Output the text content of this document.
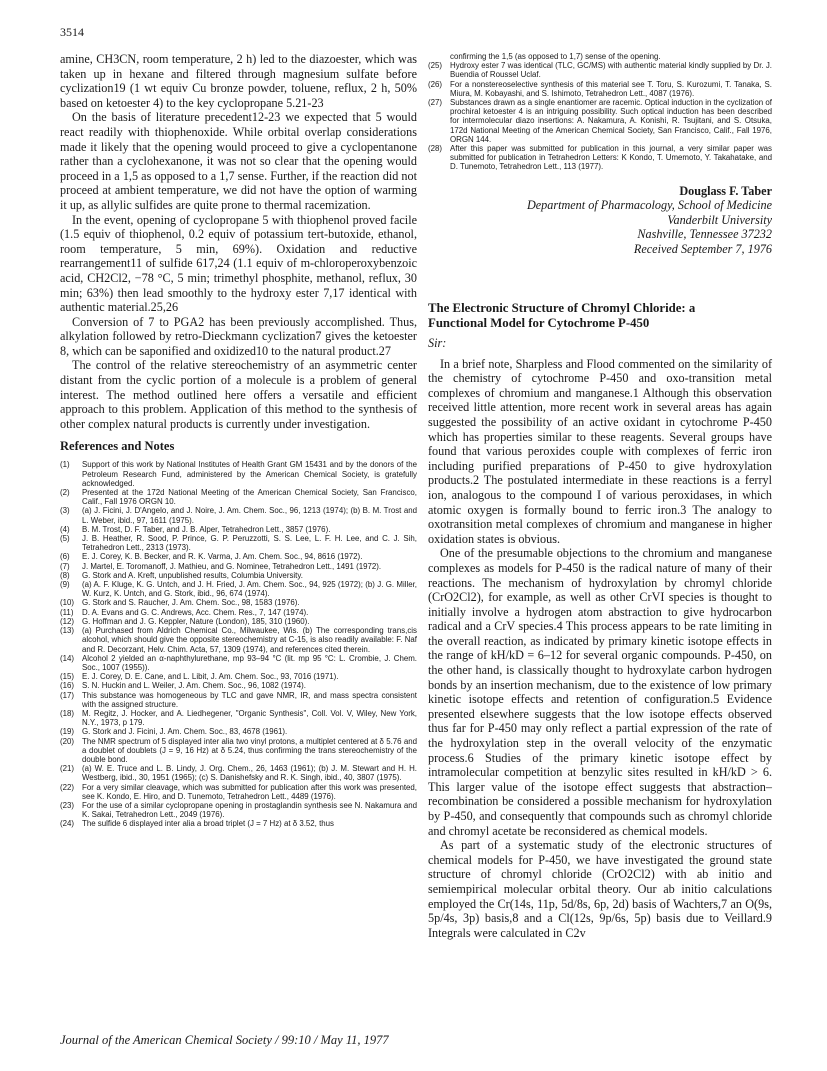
3514

amine, CH3CN, room temperature, 2 h) led to the diazoester, which was taken up in hexane and filtered through magnesium sulfate before cyclization19 (1 wt equiv Cu bronze powder, toluene, reflux, 2 h, 50% based on ketoester 4) to the key cyclopropane 5.21-23

On the basis of literature precedent12-23 we expected that 5 would react readily with thiophenoxide. While orbital overlap considerations made it likely that the opening would proceed to give a cyclopentanone rather than a cyclohexanone, it was not so clear that the opening would proceed in a 1,5 as opposed to a 1,7 sense. Further, if the reaction did not proceed at ambient temperature, we did not have the option of warming it up, as allylic sulfides are quite prone to thermal racemization.

In the event, opening of cyclopropane 5 with thiophenol proved facile (1.5 equiv of thiophenol, 0.2 equiv of potassium tert-butoxide, ethanol, room temperature, 5 min, 69%). Oxidation and reductive rearrangement11 of sulfide 617,24 (1.1 equiv of m-chloroperoxybenzoic acid, CH2Cl2, −78 °C, 5 min; trimethyl phosphite, methanol, reflux, 30 min; 63%) then lead smoothly to the hydroxy ester 7,17 identical with authentic material.25,26

Conversion of 7 to PGA2 has been previously accomplished. Thus, alkylation followed by retro-Dieckmann cyclization7 gives the ketoester 8, which can be saponified and oxidized10 to the natural product.27

The control of the relative stereochemistry of an asymmetric center distant from the cyclic portion of a molecule is a problem of general interest. The method outlined here offers a versatile and efficient approach to this problem. Application of this method to the synthesis of other complex natural products is currently under investigation.

References and Notes
(1) Support of this work by National Institutes of Health Grant GM 15431 and by the donors of the Petroleum Research Fund, administered by the American Chemical Society, is gratefully acknowledged.
(2) Presented at the 172d National Meeting of the American Chemical Society, San Francisco, Calif., Fall 1976 ORGN 10.
(3) (a) J. Ficini, J. D'Angelo, and J. Noire, J. Am. Chem. Soc., 96, 1213 (1974); (b) B. M. Trost and L. Weber, ibid., 97, 1611 (1975).
(4) B. M. Trost, D. F. Taber, and J. B. Alper, Tetrahedron Lett., 3857 (1976).
(5) J. B. Heather, R. Sood, P. Prince, G. P. Peruzzotti, S. S. Lee, L. F. H. Lee, and C. J. Sih, Tetrahedron Lett., 2313 (1973).
(6) E. J. Corey, K. B. Becker, and R. K. Varma, J. Am. Chem. Soc., 94, 8616 (1972).
(7) J. Martel, E. Toromanoff, J. Mathieu, and G. Nominee, Tetrahedron Lett., 1491 (1972).
(8) G. Stork and A. Kreft, unpublished results, Columbia University.
(9) (a) A. F. Kluge, K. G. Untch, and J. H. Fried, J. Am. Chem. Soc., 94, 925 (1972); (b) J. G. Miller, W. Kurz, K. Untch, and G. Stork, ibid., 96, 674 (1974).
(10) G. Stork and S. Raucher, J. Am. Chem. Soc., 98, 1583 (1976).
(11) D. A. Evans and G. C. Andrews, Acc. Chem. Res., 7, 147 (1974).
(12) G. Hoffman and J. G. Keppler, Nature (London), 185, 310 (1960).
(13) (a) Purchased from Aldrich Chemical Co., Milwaukee, Wis. (b) The corresponding trans,cis alcohol, which should give the opposite stereochemistry at C-15, is also readily available: F. Naf and R. Decorzant, Helv. Chim. Acta, 57, 1309 (1974), and references cited therein.
(14) Alcohol 2 yielded an α-naphthylurethane, mp 93–94 °C (lit. mp 95 °C: L. Crombie, J. Chem. Soc., 1007 (1955)).
(15) E. J. Corey, D. E. Cane, and L. Libit, J. Am. Chem. Soc., 93, 7016 (1971).
(16) S. N. Huckin and L. Weiler, J. Am. Chem. Soc., 96, 1082 (1974).
(17) This substance was homogeneous by TLC and gave NMR, IR, and mass spectra consistent with the assigned structure.
(18) M. Regitz, J. Hocker, and A. Liedhegener, "Organic Synthesis", Coll. Vol. V, Wiley, New York, N.Y., 1973, p 179.
(19) G. Stork and J. Ficini, J. Am. Chem. Soc., 83, 4678 (1961).
(20) The NMR spectrum of 5 displayed inter alia two vinyl protons, a multiplet centered at δ 5.76 and a doublet of doublets (J = 9, 16 Hz) at δ 5.24, thus confirming the trans stereochemistry of the double bond.
(21) (a) W. E. Truce and L. B. Lindy, J. Org. Chem., 26, 1463 (1961); (b) J. M. Stewart and H. H. Westberg, ibid., 30, 1951 (1965); (c) S. Danishefsky and R. K. Singh, ibid., 40, 3807 (1975).
(22) For a very similar cleavage, which was submitted for publication after this work was presented, see K. Kondo, E. Hiro, and D. Tunemoto, Tetrahedron Lett., 4489 (1976).
(23) For the use of a similar cyclopropane opening in prostaglandin synthesis see N. Nakamura and K. Sakai, Tetrahedron Lett., 2049 (1976).
(24) The sulfide 6 displayed inter alia a broad triplet (J = 7 Hz) at δ 3.52, thus
confirming the 1,5 (as opposed to 1,7) sense of the opening.
(25) Hydroxy ester 7 was identical (TLC, GC/MS) with authentic material kindly supplied by Dr. J. Buendia of Roussel Uclaf.
(26) For a nonstereoselective synthesis of this material see T. Toru, S. Kurozumi, T. Tanaka, S. Miura, M. Kobayashi, and S. Ishimoto, Tetrahedron Lett., 4087 (1976).
(27) Substances drawn as a single enantiomer are racemic. Optical induction in the cyclization of prochiral ketoester 4 is an intriguing possibility. Such optical induction has been described for intermolecular diazo insertions: A. Nakamura, A. Konishi, R. Tsujitani, and S. Otsuka, 172d National Meeting of the American Chemical Society, San Francisco, Calif., Fall 1976, ORGN 144.
(28) After this paper was submitted for publication in this journal, a very similar paper was submitted for publication in Tetrahedron Letters: K Kondo, T. Umemoto, Y. Takahatake, and D. Tunemoto, Tetrahedron Lett., 113 (1977).
Douglass F. Taber
Department of Pharmacology, School of Medicine
Vanderbilt University
Nashville, Tennessee 37232
Received September 7, 1976
The Electronic Structure of Chromyl Chloride: a
Functional Model for Cytochrome P-450
Sir:

In a brief note, Sharpless and Flood commented on the similarity of the chemistry of cytochrome P-450 and oxo-transition metal complexes of chromium and manganese.1 Although this observation received little attention, more recent work in several areas has again suggested the possibility of an active oxidant in cytochrome P-450 which has properties similar to these reagents. Several groups have found that various peroxides couple with complexes of ferric iron including purified preparations of P-450 to give hydroxylation products.2 The postulated intermediate in these reactions is a ferryl ion, analogous to the compound I of various peroxidases, in which atomic oxygen is formally bound to ferric iron.3 The analogy to oxotransition metal complexes of chromium and manganese in higher oxidation states is obvious.

One of the presumable objections to the chromium and manganese complexes as models for P-450 is the radical nature of many of their reactions. The mechanism of hydroxylation by chromyl chloride (CrO2Cl2), for example, as well as other CrVI species is thought to initially involve a hydrogen atom abstraction to give hydrocarbon radical and a CrV species.4 This process appears to be rate limiting in the overall reaction, as indicated by primary kinetic isotope effects in the range of kH/kD = 6–12 for several organic compounds. P-450, on the other hand, is classically thought to hydroxylate carbon hydrogen bonds by an insertion mechanism, due to the existence of low primary kinetic isotope effects and retention of configuration.5 Evidence presented elsewhere suggests that the low isotope effects observed thus far for P-450 may only reflect a partial expression of the rate of the hydroxylation step in the overall velocity of the enzymatic process.6 Studies of the primary kinetic isotope effect by intramolecular competition at benzylic sites resulted in kH/kD > 6. This larger value of the isotope effect suggests that abstraction–recombination be considered a possible mechanism for hydroxylation by P-450, and consequently that compounds such as chromyl chloride and chromyl acetate be reconsidered as chemical models.

As part of a systematic study of the electronic structures of chemical models for P-450, we have investigated the ground state structure of chromyl chloride (CrO2Cl2) with ab initio and semiempirical molecular orbital theory. Our ab initio calculations employed the Cr(14s, 11p, 5d/8s, 6p, 2d) basis of Wachters,7 an O(9s, 5p/4s, 3p) basis,8 and a Cl(12s, 9p/6s, 5p) basis due to Veillard.9 Integrals were calculated in C2v

Journal of the American Chemical Society / 99:10 / May 11, 1977
